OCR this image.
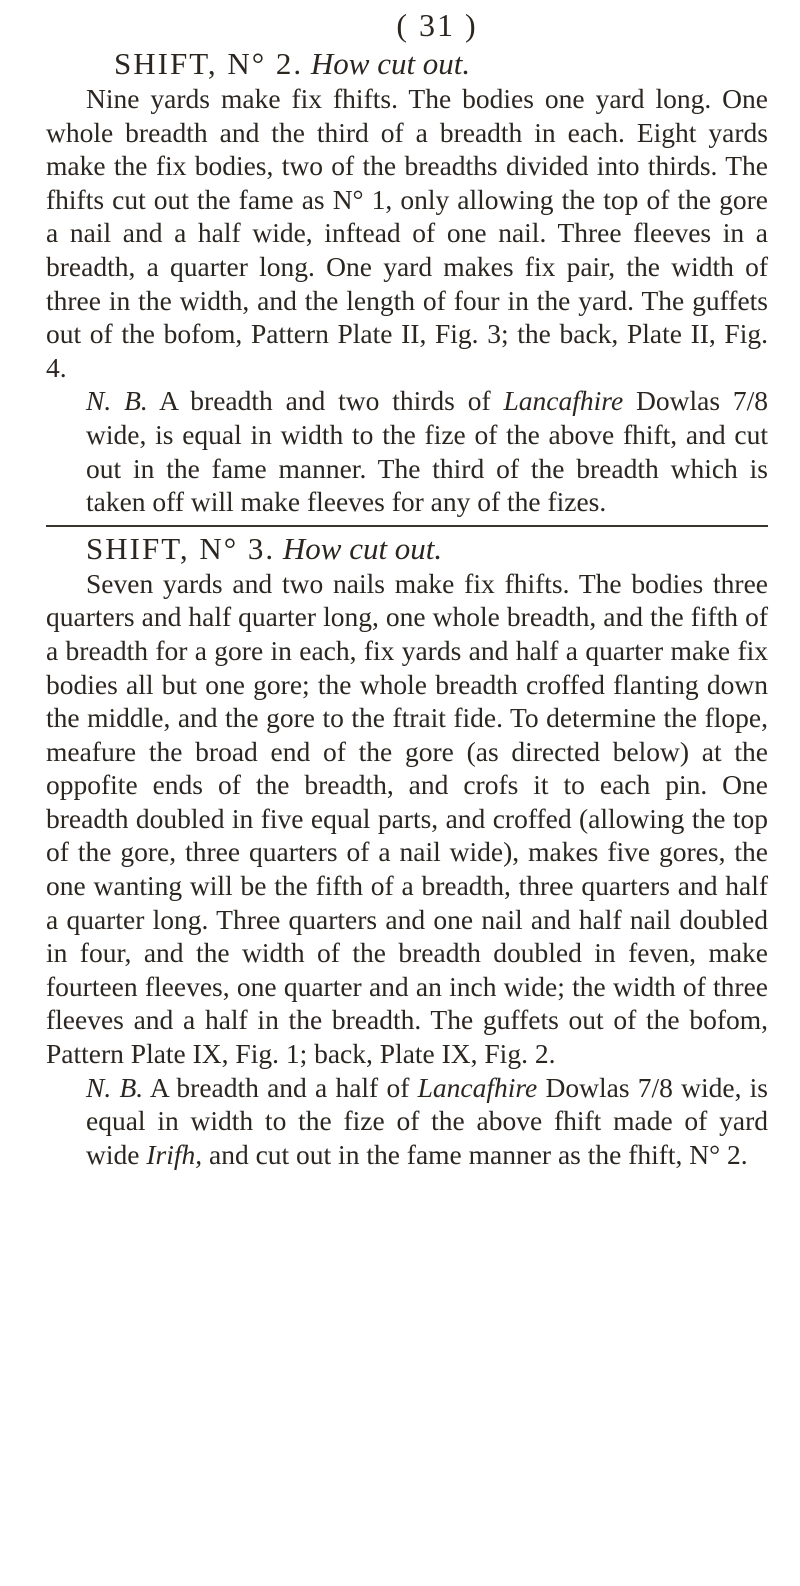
( 31 )
SHIFT, N° 2. How cut out.

Nine yards make fix fhifts. The bodies one yard long. One whole breadth and the third of a breadth in each. Eight yards make the fix bodies, two of the breadths divided into thirds. The fhifts cut out the fame as N° 1, only allowing the top of the gore a nail and a half wide, inftead of one nail. Three fleeves in a breadth, a quarter long. One yard makes fix pair, the width of three in the width, and the length of four in the yard. The guffets out of the bofom, Pattern Plate II, Fig. 3; the back, Plate II, Fig. 4.

N. B. A breadth and two thirds of Lancafhire Dowlas 7/8 wide, is equal in width to the fize of the above fhift, and cut out in the fame manner. The third of the breadth which is taken off will make fleeves for any of the fizes.

SHIFT, N° 3. How cut out.

Seven yards and two nails make fix fhifts. The bodies three quarters and half quarter long, one whole breadth, and the fifth of a breadth for a gore in each, fix yards and half a quarter make fix bodies all but one gore; the whole breadth croffed flanting down the middle, and the gore to the ftrait fide. To determine the flope, meafure the broad end of the gore (as directed below) at the oppofite ends of the breadth, and crofs it to each pin. One breadth doubled in five equal parts, and croffed (allowing the top of the gore, three quarters of a nail wide), makes five gores, the one wanting will be the fifth of a breadth, three quarters and half a quarter long. Three quarters and one nail and half nail doubled in four, and the width of the breadth doubled in feven, make fourteen fleeves, one quarter and an inch wide; the width of three fleeves and a half in the breadth. The guffets out of the bofom, Pattern Plate IX, Fig. 1; back, Plate IX, Fig. 2.

N. B. A breadth and a half of Lancafhire Dowlas 7/8 wide, is equal in width to the fize of the above fhift made of yard wide Irifh, and cut out in the fame manner as the fhift, N° 2.
